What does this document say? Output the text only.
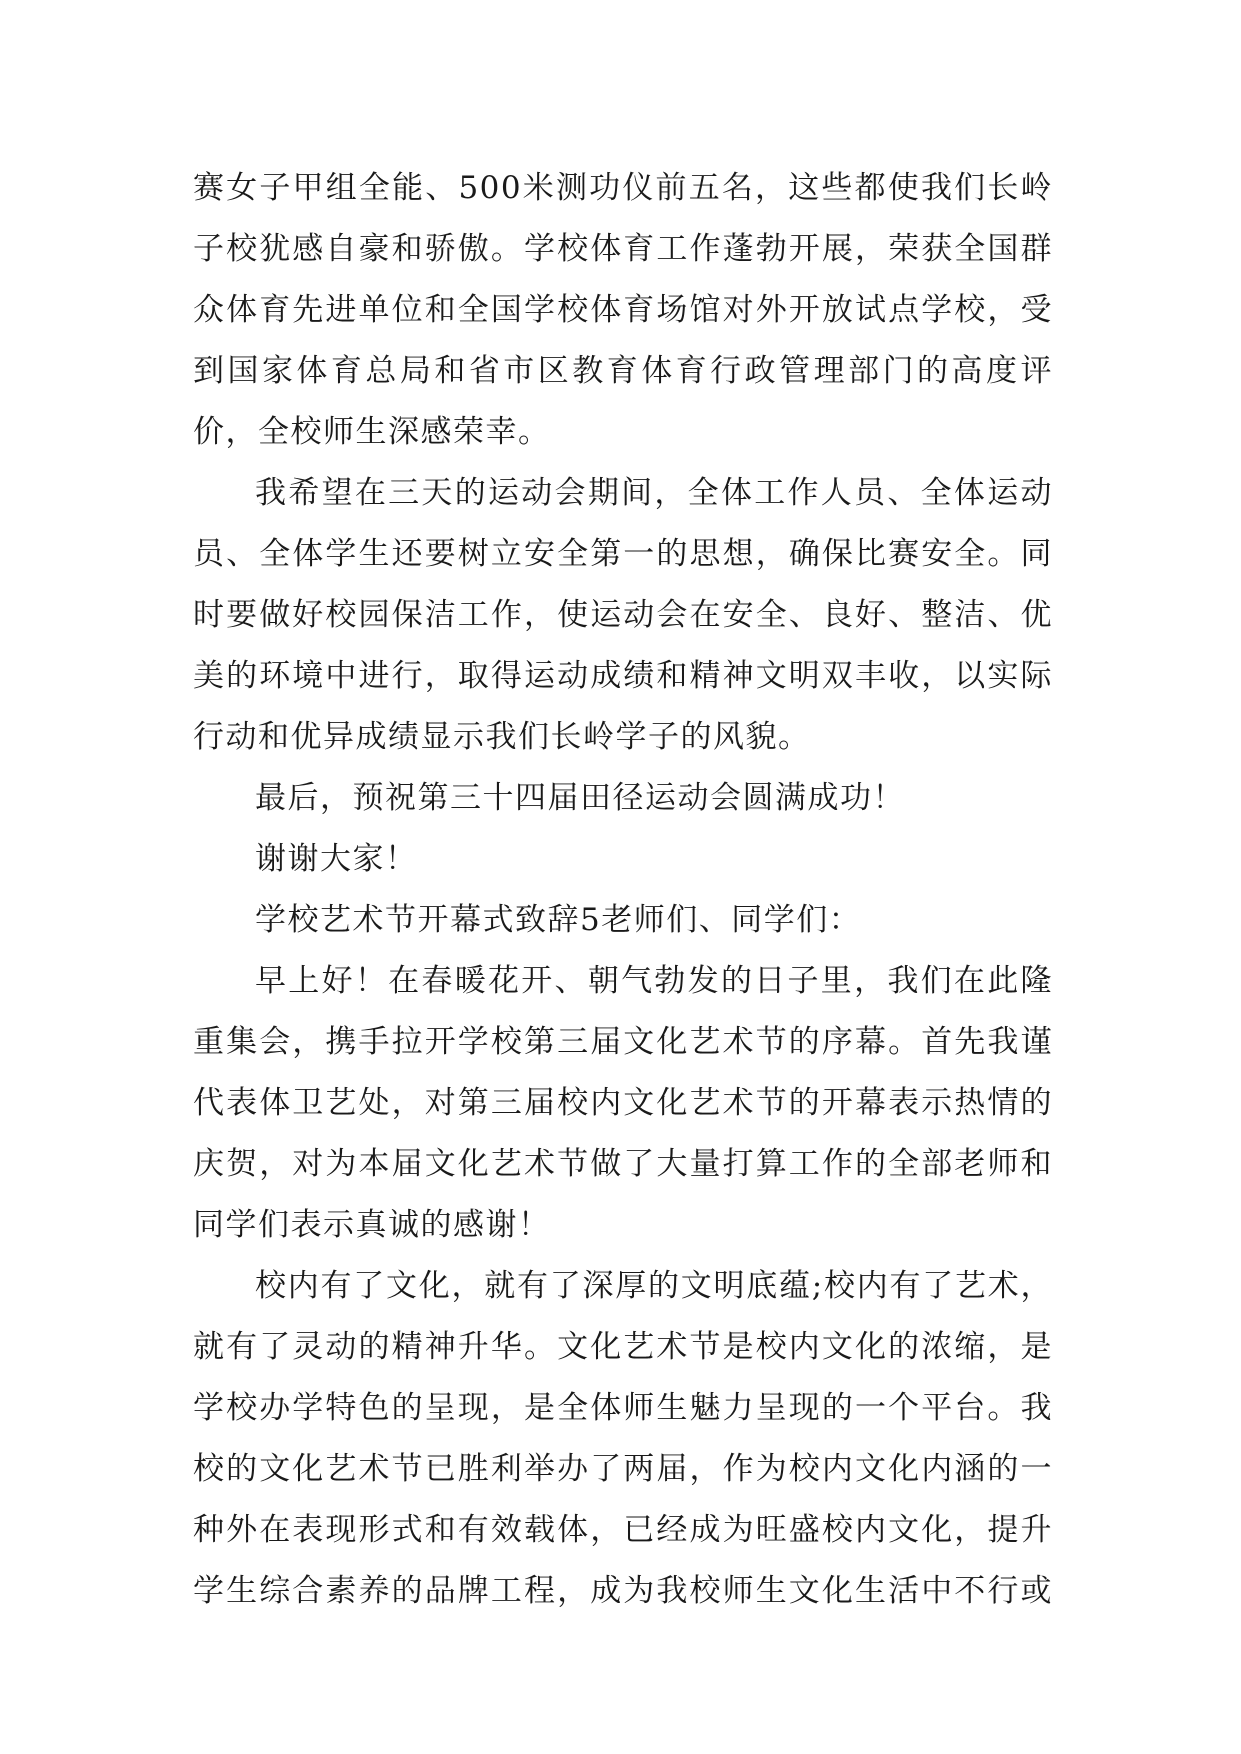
赛女子甲组全能、500米测功仪前五名，这些都使我们长岭
子校犹感自豪和骄傲。学校体育工作蓬勃开展，荣获全国群
众体育先进单位和全国学校体育场馆对外开放试点学校，受
到国家体育总局和省市区教育体育行政管理部门的高度评
价，全校师生深感荣幸。
我希望在三天的运动会期间，全体工作人员、全体运动
员、全体学生还要树立安全第一的思想，确保比赛安全。同
时要做好校园保洁工作，使运动会在安全、良好、整洁、优
美的环境中进行，取得运动成绩和精神文明双丰收，以实际
行动和优异成绩显示我们长岭学子的风貌。
最后，预祝第三十四届田径运动会圆满成功！
谢谢大家！
学校艺术节开幕式致辞5老师们、同学们：
早上好！在春暖花开、朝气勃发的日子里，我们在此隆
重集会，携手拉开学校第三届文化艺术节的序幕。首先我谨
代表体卫艺处，对第三届校内文化艺术节的开幕表示热情的
庆贺，对为本届文化艺术节做了大量打算工作的全部老师和
同学们表示真诚的感谢！
校内有了文化，就有了深厚的文明底蕴;校内有了艺术，
就有了灵动的精神升华。文化艺术节是校内文化的浓缩，是
学校办学特色的呈现，是全体师生魅力呈现的一个平台。我
校的文化艺术节已胜利举办了两届，作为校内文化内涵的一
种外在表现形式和有效载体，已经成为旺盛校内文化，提升
学生综合素养的品牌工程，成为我校师生文化生活中不行或
